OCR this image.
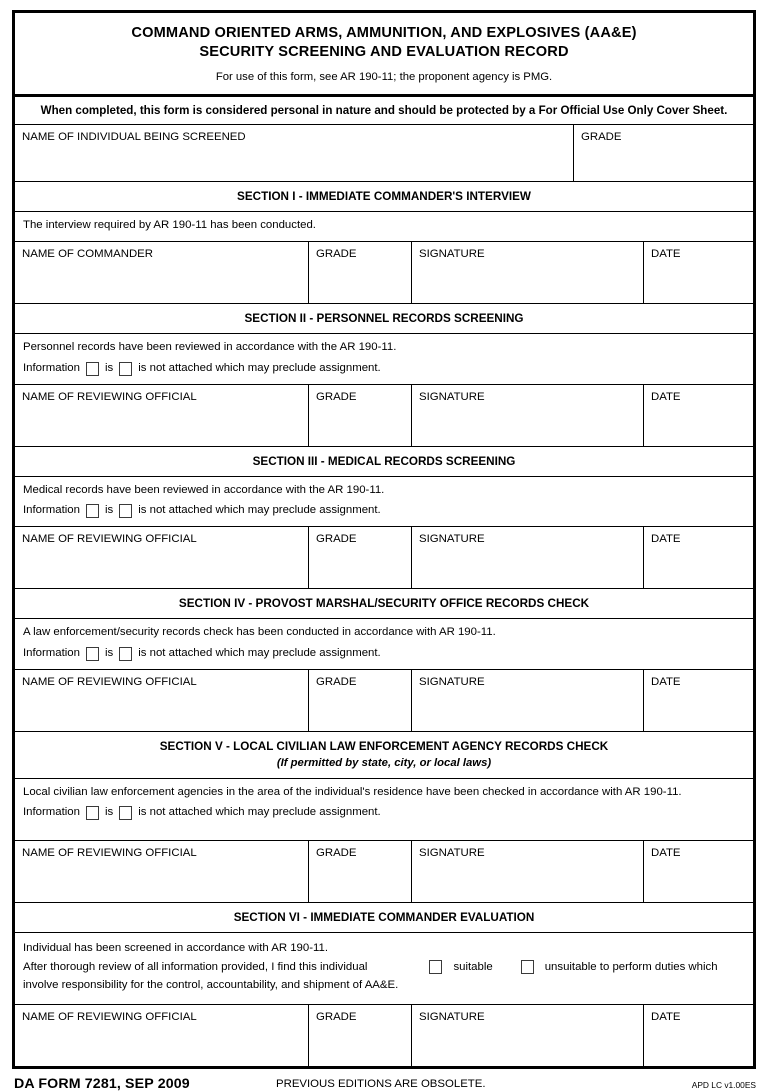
COMMAND ORIENTED ARMS, AMMUNITION, AND EXPLOSIVES (AA&E)
SECURITY SCREENING AND EVALUATION RECORD
For use of this form, see AR 190-11; the proponent agency is PMG.
When completed, this form is considered personal in nature and should be protected by a For Official Use Only Cover Sheet.
NAME OF INDIVIDUAL BEING SCREENED	GRADE
SECTION I - IMMEDIATE COMMANDER'S INTERVIEW

The interview required by AR 190-11 has been conducted.

NAME OF COMMANDER	GRADE	SIGNATURE	DATE
SECTION II - PERSONNEL RECORDS SCREENING

Personnel records have been reviewed in accordance with the AR 190-11.

Information is is not attached which may preclude assignment.
NAME OF REVIEWING OFFICIAL	GRADE	SIGNATURE	DATE
SECTION III - MEDICAL RECORDS SCREENING

Medical records have been reviewed in accordance with the AR 190-11.

Information is is not attached which may preclude assignment.
NAME OF REVIEWING OFFICIAL	GRADE	SIGNATURE	DATE
SECTION IV - PROVOST MARSHAL/SECURITY OFFICE RECORDS CHECK

A law enforcement/security records check has been conducted in accordance with AR 190-11.

Information is is not attached which may preclude assignment.
NAME OF REVIEWING OFFICIAL	GRADE	SIGNATURE	DATE
SECTION V - LOCAL CIVILIAN LAW ENFORCEMENT AGENCY RECORDS CHECK
(If permitted by state, city, or local laws)

Local civilian law enforcement agencies in the area of the individual's residence have been checked in accordance with AR 190-11.

Information is is not attached which may preclude assignment.
NAME OF REVIEWING OFFICIAL	GRADE	SIGNATURE	DATE
SECTION VI - IMMEDIATE COMMANDER EVALUATION
Individual has been screened in accordance with AR 190-11.
After thorough review of all information provided, I find this individual	suitable	unsuitable to perform duties which
involve responsibility for the control, accountability, and shipment of AA&E.
NAME OF REVIEWING OFFICIAL	GRADE	SIGNATURE	DATE
DA FORM 7281, SEP 2009	PREVIOUS EDITIONS ARE OBSOLETE.	APD LC v1.00ES
